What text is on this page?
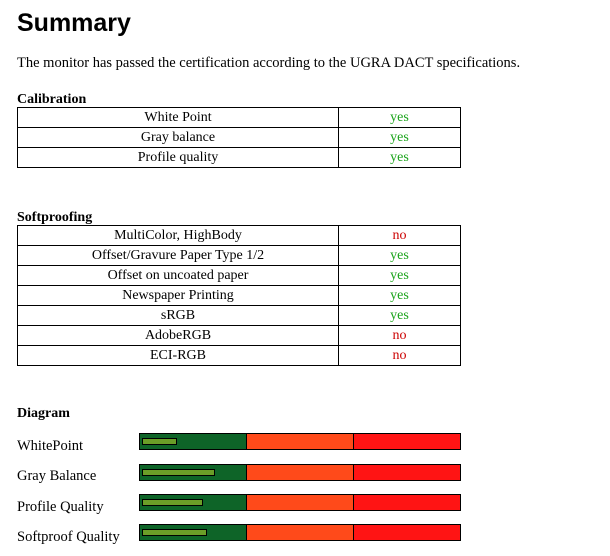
Summary

The monitor has passed the certification according to the UGRA DACT specifications.

Calibration
White Point	yes
Gray balance	yes
Profile quality	yes
Softproofing
MultiColor, HighBody	no
Offset/Gravure Paper Type 1/2	yes
Offset on uncoated paper	yes
Newspaper Printing	yes
sRGB	yes
AdobeRGB	no
ECI-RGB	no
Diagram
WhitePoint
Gray Balance
Profile Quality
Softproof Quality
